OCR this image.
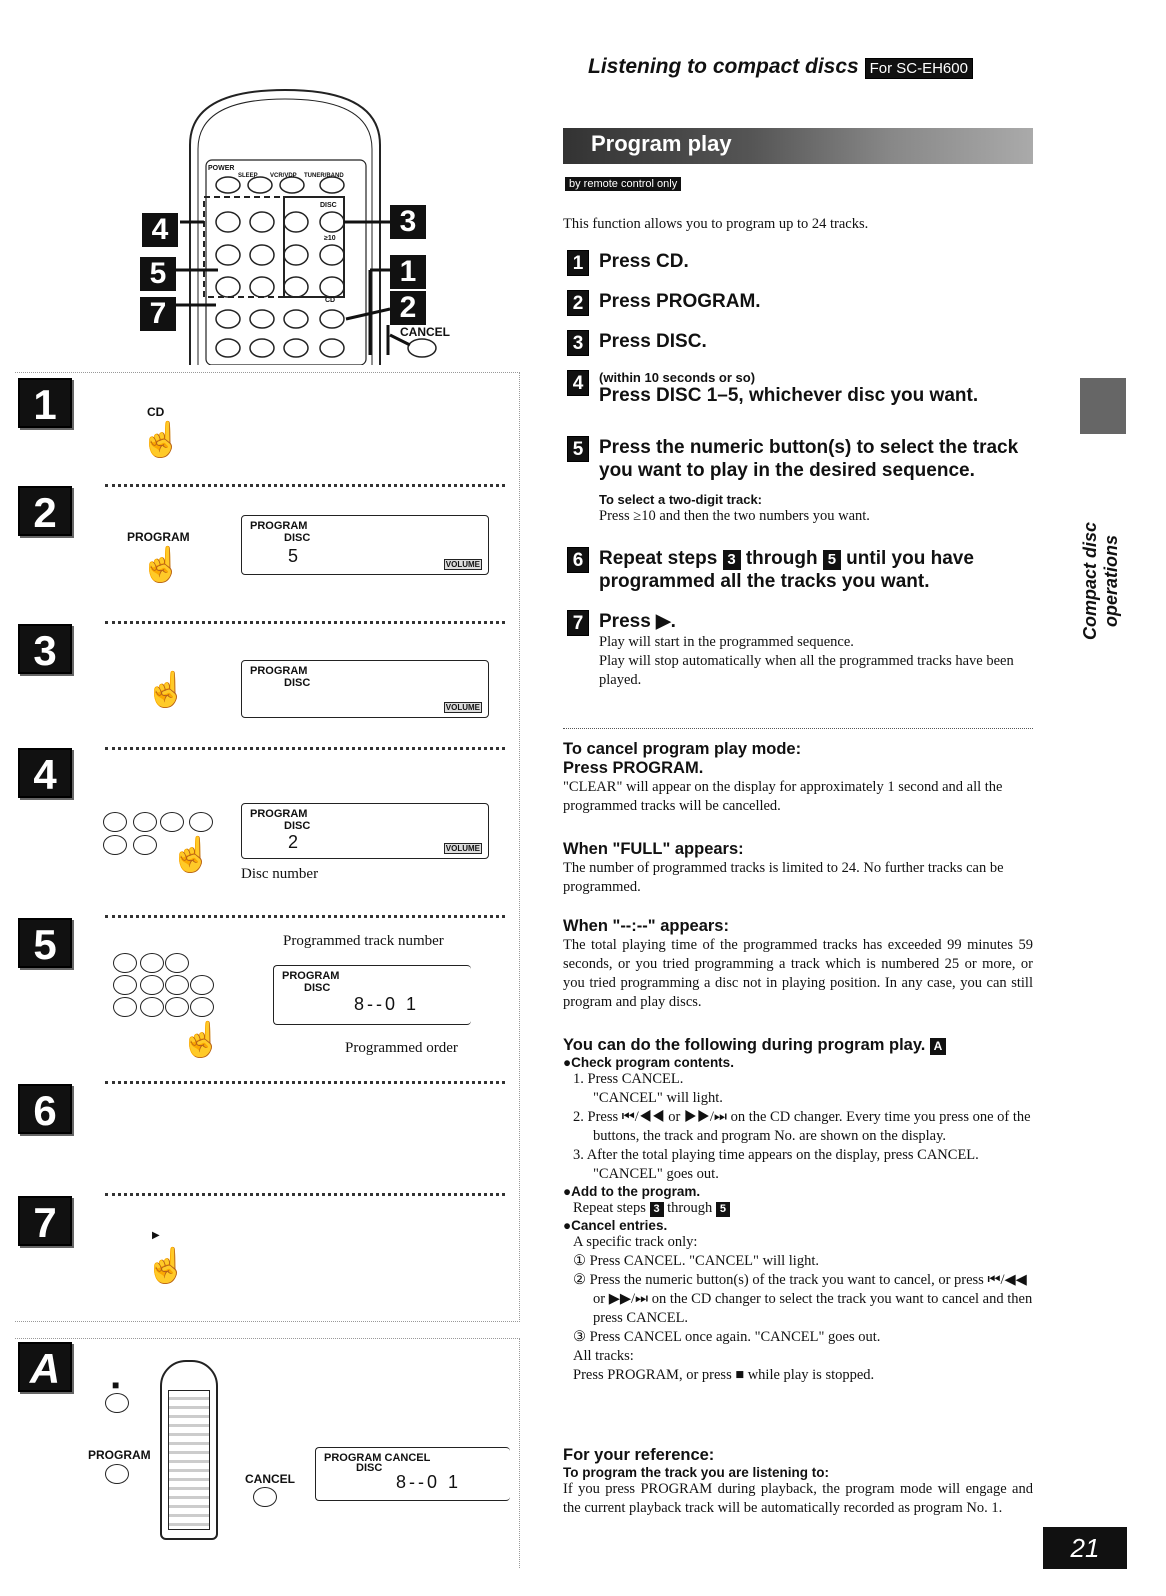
Listening to compact discs For SC-EH600
Program play
by remote control only
This function allows you to program up to 24 tracks.
1 Press CD.
2 Press PROGRAM.
3 Press DISC.
4	(within 10 seconds or so)
Press DISC 1–5, whichever disc you want.
5 Press the numeric button(s) to select the track you want to play in the desired sequence.
To select a two-digit track:
Press ≥10 and then the two numbers you want.
6 Repeat steps 3 through 5 until you have programmed all the tracks you want.
7 Press ▶.
Play will start in the programmed sequence.
Play will stop automatically when all the programmed tracks have been played.
To cancel program play mode:
Press PROGRAM.
"CLEAR" will appear on the display for approximately 1 second and all the programmed tracks will be cancelled.
When "FULL" appears:
The number of programmed tracks is limited to 24. No further tracks can be programmed.
When "--:--" appears:
The total playing time of the programmed tracks has exceeded 99 minutes 59 seconds, or you tried programming a track which is numbered 25 or more, or you tried programming a disc not in playing position. In any case, you can still program and play discs.
You can do the following during program play. A
●Check program contents.
1. Press CANCEL.
"CANCEL" will light.
2. Press ⏮/◀◀ or ▶▶/⏭ on the CD changer. Every time you press one of the buttons, the track and program No. are shown on the display.
3. After the total playing time appears on the display, press CANCEL. "CANCEL" goes out.
●Add to the program.
Repeat steps 3 through 5
●Cancel entries.
A specific track only:
① Press CANCEL. "CANCEL" will light.
② Press the numeric button(s) of the track you want to cancel, or press ⏮/◀◀ or ▶▶/⏭ on the CD changer to select the track you want to cancel and then press CANCEL.
③ Press CANCEL once again. "CANCEL" goes out.
All tracks:
Press PROGRAM, or press ■ while play is stopped.
For your reference:
To program the track you are listening to:
If you press PROGRAM during playback, the program mode will engage and the current playback track will be automatically recorded as program No. 1.
Compact disc operations
21
POWER
SLEEP VCR/VDP TUNER/BAND
DISC
≥10
CD
CANCEL
4
5
7
3
1
2
1	CD
☝
2
PROGRAM
☝
PROGRAM
DISC
5	VOLUME
3
☝
PROGRAM
DISC
VOLUME
4
☝
PROGRAM
DISC
2	VOLUME
Disc number
5
☝
Programmed track number
PROGRAM
DISC
8--0 1
Programmed order
6
7	▶
☝
A	■
PROGRAM
CANCEL
PROGRAM CANCEL
DISC
8--0 1
